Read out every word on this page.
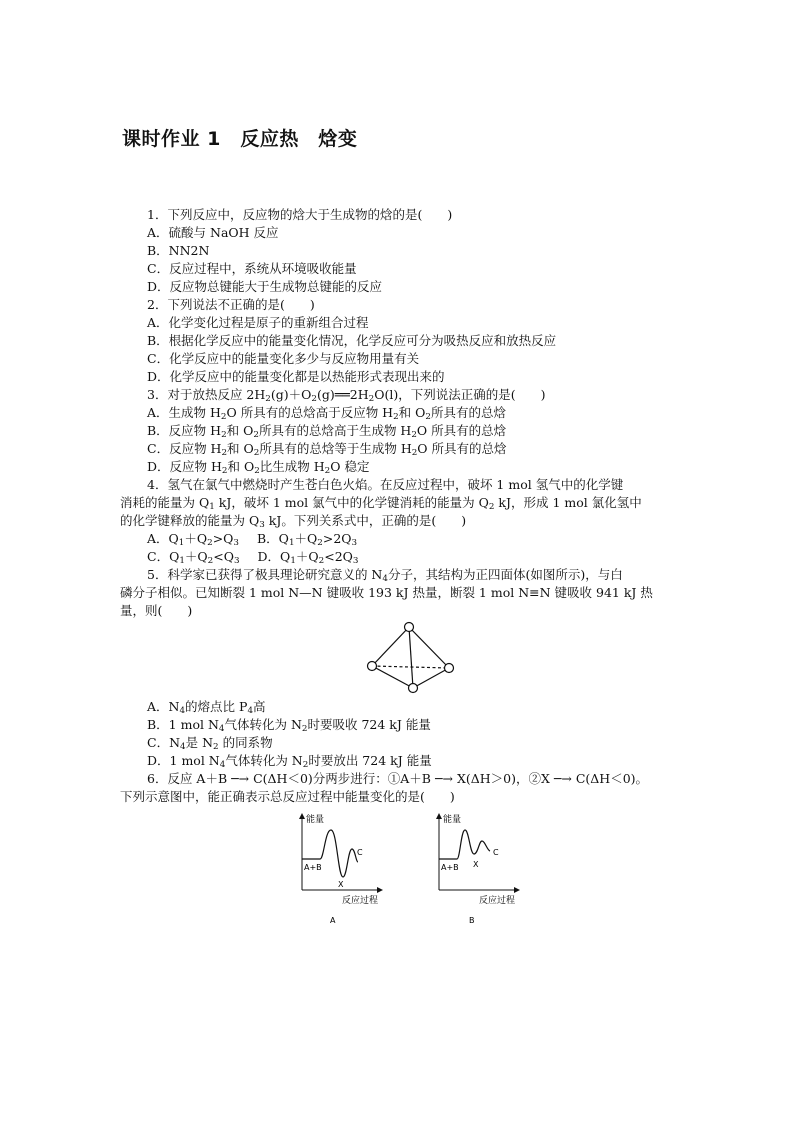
课时作业 1　反应热　焓变
1．下列反应中，反应物的焓大于生成物的焓的是(　　)
A．硫酸与 NaOH 反应
B．NN2N
C．反应过程中，系统从环境吸收能量
D．反应物总键能大于生成物总键能的反应
2．下列说法不正确的是(　　)
A．化学变化过程是原子的重新组合过程
B．根据化学反应中的能量变化情况，化学反应可分为吸热反应和放热反应
C．化学反应中的能量变化多少与反应物用量有关
D．化学反应中的能量变化都是以热能形式表现出来的
3．对于放热反应 $2H_2(g)+O_2(g)══2H_2O(l)$，下列说法正确的是(　　)
A．生成物 $H_2O$ 所具有的总焓高于反应物 $H_2$和 $O_2$所具有的总焓
B．反应物 $H_2$和 $O_2$所具有的总焓高于生成物 $H_2O$ 所具有的总焓
C．反应物 $H_2$和 $O_2$所具有的总焓等于生成物 $H_2O$ 所具有的总焓
D．反应物 $H_2$和 $O_2$比生成物 $H_2O$ 稳定
4．氢气在氯气中燃烧时产生苍白色火焰。在反应过程中，破坏 1 mol 氢气中的化学键
消耗的能量为 $Q_1$ kJ，破坏 1 mol 氯气中的化学键消耗的能量为 $Q_2$ kJ，形成 1 mol 氯化氢中
的化学键释放的能量为 $Q_3$ kJ。下列关系式中，正确的是(　　)
A．$Q_1+Q_2>Q_3$ B．$Q_1+Q_2>2Q_3$
C．$Q_1+Q_2<Q_3$ D．$Q_1+Q_2<2Q_3$
5．科学家已获得了极具理论研究意义的 $N_4$分子，其结构为正四面体(如图所示)，与白
磷分子相似。已知断裂 1 mol N—N 键吸收 193 kJ 热量，断裂 1 mol N≡N 键吸收 941 kJ 热
量，则(　　)
A．$N_4$的熔点比 $P_4$高
B．1 mol $N_4$气体转化为 $N_2$时要吸收 724 kJ 能量
C．$N_4$是 $N_2$ 的同系物
D．1 mol $N_4$气体转化为 $N_2$时要放出 724 kJ 能量
6．反应 A＋B ─→ C(ΔH＜0)分两步进行：①A＋B ─→ X(ΔH＞0)，②X ─→ C(ΔH＜0)。
下列示意图中，能正确表示总反应过程中能量变化的是(　　)
能量
A+B
X
C
反应过程
A
能量
A+B X
C
反应过程
B
